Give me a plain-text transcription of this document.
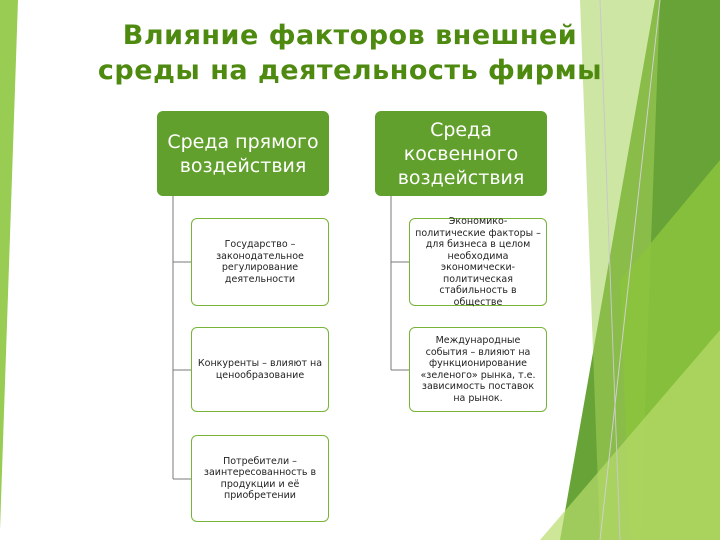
Влияние факторов внешней среды на деятельность фирмы
Среда прямого воздействия
Государство – законодательное регулирование деятельности
Конкуренты – влияют на ценообразование
Потребители – заинтересованность в продукции и её приобретении
Среда косвенного воздействия
Экономико-политические факторы – для бизнеса в целом необходима экономически-политическая стабильность в обществе
Международные события – влияют на функционирование «зеленого» рынка, т.е. зависимость поставок на рынок.
